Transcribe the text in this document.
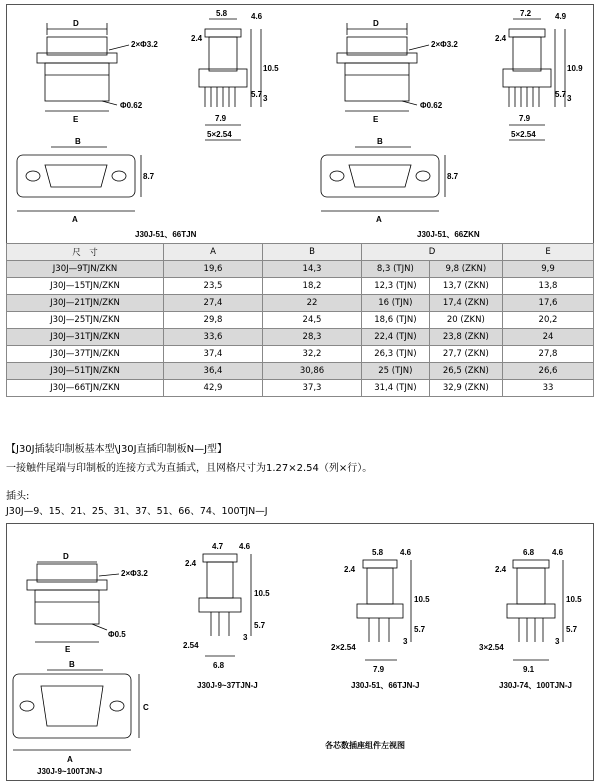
D
2×Φ3.2
Φ0.62
E
B
A
8.7
5.8	4.6
2.4
10.5
5.7 3
7.9
5×2.54
J30J-51、66TJN
D
2×Φ3.2
Φ0.62
E
B
A
8.7
7.2	4.9
2.4
10.9
5.7 3
7.9
5×2.54
J30J-51、66ZKN
尺　寸	A	B	D		E
J30J—9TJN/ZKN	19,6	14,3	8,3 (TJN)	9,8 (ZKN)	9,9
J30J—15TJN/ZKN	23,5	18,2	12,3 (TJN)	13,7 (ZKN)	13,8
J30J—21TJN/ZKN	27,4	22	16 (TJN)	17,4 (ZKN)	17,6
J30J—25TJN/ZKN	29,8	24,5	18,6 (TJN)	20 (ZKN)	20,2
J30J—31TJN/ZKN	33,6	28,3	22,4 (TJN)	23,8 (ZKN)	24
J30J—37TJN/ZKN	37,4	32,2	26,3 (TJN)	27,7 (ZKN)	27,8
J30J—51TJN/ZKN	36,4	30,86	25 (TJN)	26,5 (ZKN)	26,6
J30J—66TJN/ZKN	42,9	37,3	31,4 (TJN)	32,9 (ZKN)	33
【J30J插装印制板基本型\J30J直插印制板N—J型】
一接触件尾端与印制板的连接方式为直插式，且网格尺寸为1.27×2.54（列×行）。
插头:
J30J—9、15、21、25、31、37、51、66、74、100TJN—J
D
2×Φ3.2
Φ0.5
E
B
C
A
J30J-9~100TJN-J
4.7 4.6
2.4
10.5
5.7
3
2.54
6.8
J30J-9~37TJN-J
5.8 4.6
2.4
10.5
5.7
3
2×2.54
7.9
J30J-51、66TJN-J
6.8 4.6
2.4
10.5
5.7
3
3×2.54
9.1
J30J-74、100TJN-J
各芯数插座组件左视图
